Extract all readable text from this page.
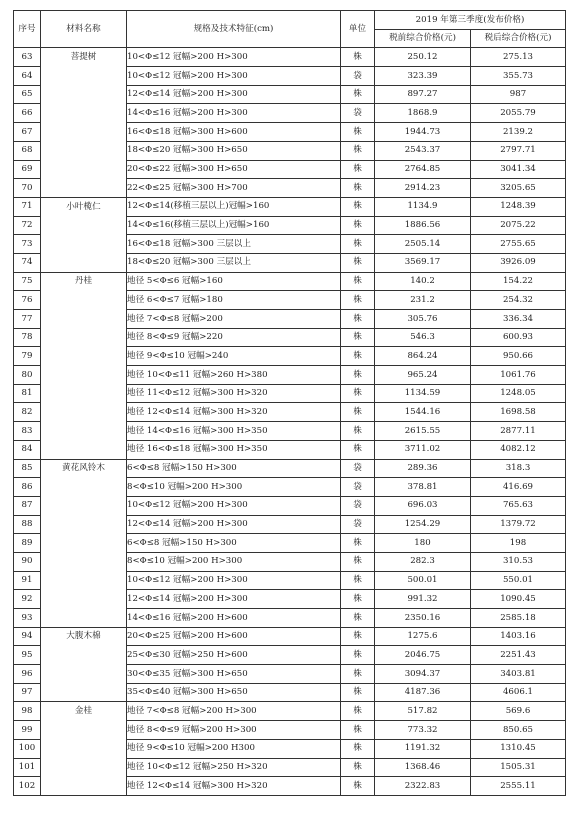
序号	材料名称	规格及技术特征(cm)	单位	2019 年第三季度(发布价格)	
				税前综合价格(元)	税后综合价格(元)
63	菩提树	10<Φ≤12 冠幅>200 H>300	株	250.12	275.13
64		10<Φ≤12 冠幅>200 H>300	袋	323.39	355.73
65		12<Φ≤14 冠幅>200 H>300	株	897.27	987
66		14<Φ≤16 冠幅>200 H>300	袋	1868.9	2055.79
67		16<Φ≤18 冠幅>300 H>600	株	1944.73	2139.2
68		18<Φ≤20 冠幅>300 H>650	株	2543.37	2797.71
69		20<Φ≤22 冠幅>300 H>650	株	2764.85	3041.34
70		22<Φ≤25 冠幅>300 H>700	株	2914.23	3205.65
71	小叶榄仁	12<Φ≤14(移植三层以上)冠幅>160	株	1134.9	1248.39
72		14<Φ≤16(移植三层以上)冠幅>160	株	1886.56	2075.22
73		16<Φ≤18 冠幅>300 三层以上	株	2505.14	2755.65
74		18<Φ≤20 冠幅>300 三层以上	株	3569.17	3926.09
75	丹桂	地径 5<Φ≤6 冠幅>160	株	140.2	154.22
76		地径 6<Φ≤7 冠幅>180	株	231.2	254.32
77		地径 7<Φ≤8 冠幅>200	株	305.76	336.34
78		地径 8<Φ≤9 冠幅>220	株	546.3	600.93
79		地径 9<Φ≤10 冠幅>240	株	864.24	950.66
80		地径 10<Φ≤11 冠幅>260 H>380	株	965.24	1061.76
81		地径 11<Φ≤12 冠幅>300 H>320	株	1134.59	1248.05
82		地径 12<Φ≤14 冠幅>300 H>320	株	1544.16	1698.58
83		地径 14<Φ≤16 冠幅>300 H>350	株	2615.55	2877.11
84		地径 16<Φ≤18 冠幅>300 H>350	株	3711.02	4082.12
85	黄花风铃木	6<Φ≤8 冠幅>150 H>300	袋	289.36	318.3
86		8<Φ≤10 冠幅>200 H>300	袋	378.81	416.69
87		10<Φ≤12 冠幅>200 H>300	袋	696.03	765.63
88		12<Φ≤14 冠幅>200 H>300	袋	1254.29	1379.72
89		6<Φ≤8 冠幅>150 H>300	株	180	198
90		8<Φ≤10 冠幅>200 H>300	株	282.3	310.53
91		10<Φ≤12 冠幅>200 H>300	株	500.01	550.01
92		12<Φ≤14 冠幅>200 H>300	株	991.32	1090.45
93		14<Φ≤16 冠幅>200 H>600	株	2350.16	2585.18
94	大腹木棉	20<Φ≤25 冠幅>200 H>600	株	1275.6	1403.16
95		25<Φ≤30 冠幅>250 H>600	株	2046.75	2251.43
96		30<Φ≤35 冠幅>300 H>650	株	3094.37	3403.81
97		35<Φ≤40 冠幅>300 H>650	株	4187.36	4606.1
98	金桂	地径 7<Φ≤8 冠幅>200 H>300	株	517.82	569.6
99		地径 8<Φ≤9 冠幅>200 H>300	株	773.32	850.65
100		地径 9<Φ≤10 冠幅>200 H300	株	1191.32	1310.45
101		地径 10<Φ≤12 冠幅>250 H>320	株	1368.46	1505.31
102		地径 12<Φ≤14 冠幅>300 H>320	株	2322.83	2555.11
